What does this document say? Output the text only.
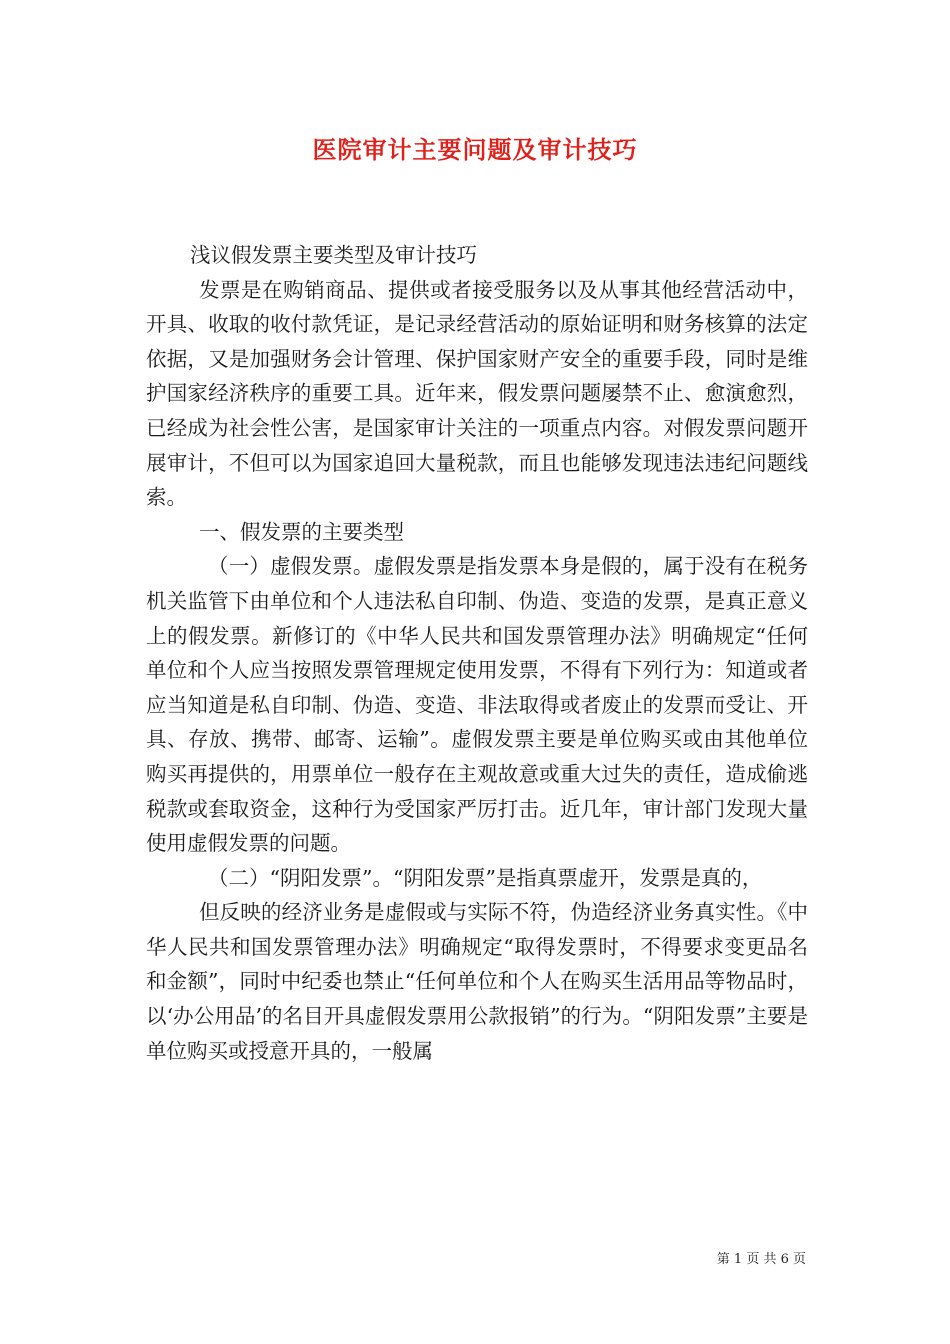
医院审计主要问题及审计技巧

浅议假发票主要类型及审计技巧

发票是在购销商品、提供或者接受服务以及从事其他经营活动中，开具、收取的收付款凭证，是记录经营活动的原始证明和财务核算的法定依据，又是加强财务会计管理、保护国家财产安全的重要手段，同时是维护国家经济秩序的重要工具。近年来，假发票问题屡禁不止、愈演愈烈，已经成为社会性公害，是国家审计关注的一项重点内容。对假发票问题开展审计，不但可以为国家追回大量税款，而且也能够发现违法违纪问题线索。

一、假发票的主要类型

（一）虚假发票。虚假发票是指发票本身是假的，属于没有在税务机关监管下由单位和个人违法私自印制、伪造、变造的发票，是真正意义上的假发票。新修订的《中华人民共和国发票管理办法》明确规定“任何单位和个人应当按照发票管理规定使用发票，不得有下列行为：知道或者应当知道是私自印制、伪造、变造、非法取得或者废止的发票而受让、开具、存放、携带、邮寄、运输”。虚假发票主要是单位购买或由其他单位购买再提供的，用票单位一般存在主观故意或重大过失的责任，造成偷逃税款或套取资金，这种行为受国家严厉打击。近几年，审计部门发现大量使用虚假发票的问题。

（二）“阴阳发票”。“阴阳发票”是指真票虚开，发票是真的，

但反映的经济业务是虚假或与实际不符，伪造经济业务真实性。《中华人民共和国发票管理办法》明确规定“取得发票时，不得要求变更品名和金额”，同时中纪委也禁止“任何单位和个人在购买生活用品等物品时，以‘办公用品’的名目开具虚假发票用公款报销”的行为。“阴阳发票”主要是单位购买或授意开具的，一般属

第 1 页 共 6 页
